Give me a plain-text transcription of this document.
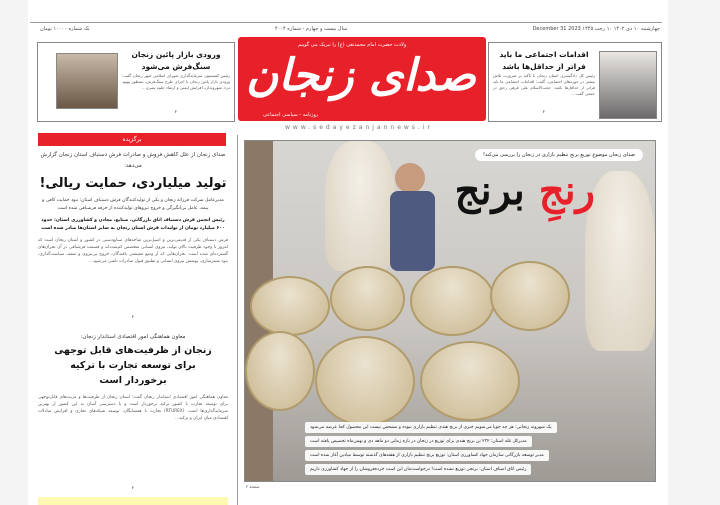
تک شماره ۱۰۰۰۰ تومان	سال بیست و چهارم - شماره ۴۰۰۴	چهارشنبه ۱۰ دی ۱۴۰۲ ۱۰ رجب ۱۴۴۵ 2023 31 December
ولادت حضرت امام محمدتقی (ع) را تبریک می گوییم
صدای زنجان
روزنامه - سیاسی اجتماعی
www.sedayezanjannews.ir
اقدامات اجتماعی ما باید فراتر از حداقل‌ها باشد
رئیس کل دادگستری استان زنجان با تأکید بر ضرورت تلاش بیشتر در حوزه‌های اجتماعی، گفت: اقدامات اجتماعی ما باید فراتر از حداقل‌ها باشد. حجت‌الاسلام علی قرهی رحق در جمعی گفت...
۲
ورودی بازار پائین زنجان سنگ‌فرش می‌شود
رئیس کمیسیون سرمایه‌گذاری شورای اسلامی شهر زنجان گفت: ورودی بازار پائین زنجان با اجرای طرح سنگ‌فرش، بمنظور بهبود تردد شهروندان، افزایش ایمنی و ارتقاء جلوه بصری...
۲
برگزیده
صدای زنجان از علل کاهش فروش و صادرات فرش دستباف استان زنجان گزارش می‌دهد:
تولید میلیاردی، حمایت ریالی!
مدیرعامل شرکت فرزانه زنجان و یکی از تولیدکنندگان فرش دستباف استان: نبود حمایت کافی و بیمه، عامل بی‌انگیزگی و خروج نیروهای تولیدکننده از حرفه فرشبافی شده است
رئیس انجمن فرش دستباف اتاق بازرگانی، صنایع، معادن و کشاورزی استان: حدود ۶۰۰ میلیارد تومان از تولیدات فرش استان زنجان به سایر استان‌ها صادر شده است
فرش دستباف یکی از قدیمی‌ترین و اصیل‌ترین شاخه‌های صنایع‌دستی در کشور و استان زنجان است که امروز با وجود ظرفیت بالای تولید، نیروی انسانی متخصص کم‌شده‌اند و قسمت فرشبافی در آن بحران‌های گسترده‌ای شده است. بحران‌هایی که از وضع معیشتی بافندگان، خروج بی‌نیروی و ضعف سیاست‌گذاری، نبود بسترسازی، پوشش نیروی انسانی و تطبیق قبول صادرات ناشی می‌شود...
۲
معاون هماهنگی امور اقتصادی استاندار زنجان:
زنجان از ظرفیت‌های قابل توجهی برای توسعه تجارت با ترکیه برخوردار است
معاون هماهنگی امور اقتصادی استاندار زنجان گفت: استان زنجان از ظرفیت‌ها و مزیت‌های قابل‌توجهی برای توسعه تجارت با کشور ترکیه برخوردار است و با دسترسی آسان به این کشور از بهترین سرمایه‌گذاری‌ها است. (RTUREX) تجارت با همسایگان، توسعه شبکه‌های تجاری و افزایش مبادلات اقتصادی میان ایران و ترکیه...
۲
صدای زنجان موضوع توزیع برنج تنظیم بازاری در زنجان را بررسی می‌کند!
رنجِ برنج
یک شهروند زنجانی: هر چه جویا می‌شویم خبری از برنج هندی تنظیم بازاری نبوده و مشخص نیست این محصول کجا عرضه می‌شود
مدیرکل غله استان: ۲۳۲ تن برنج هندی برای توزیع در زنجان در بازه زمانی دو ماهه دی و بهمن‌ماه تخصیص یافته است
مدیر توسعه بازرگانی سازمان جهاد کشاورزی استان: توزیع برنج تنظیم بازاری از هفته‌های گذشته توسط میادین آغاز شده است
رئیس اتاق اصناف استان: برنجی توزیع نشده است! درخواست‌مان این است خرده‌فروشان را از جهاد کشاورزی داریم
صفحه ۳
